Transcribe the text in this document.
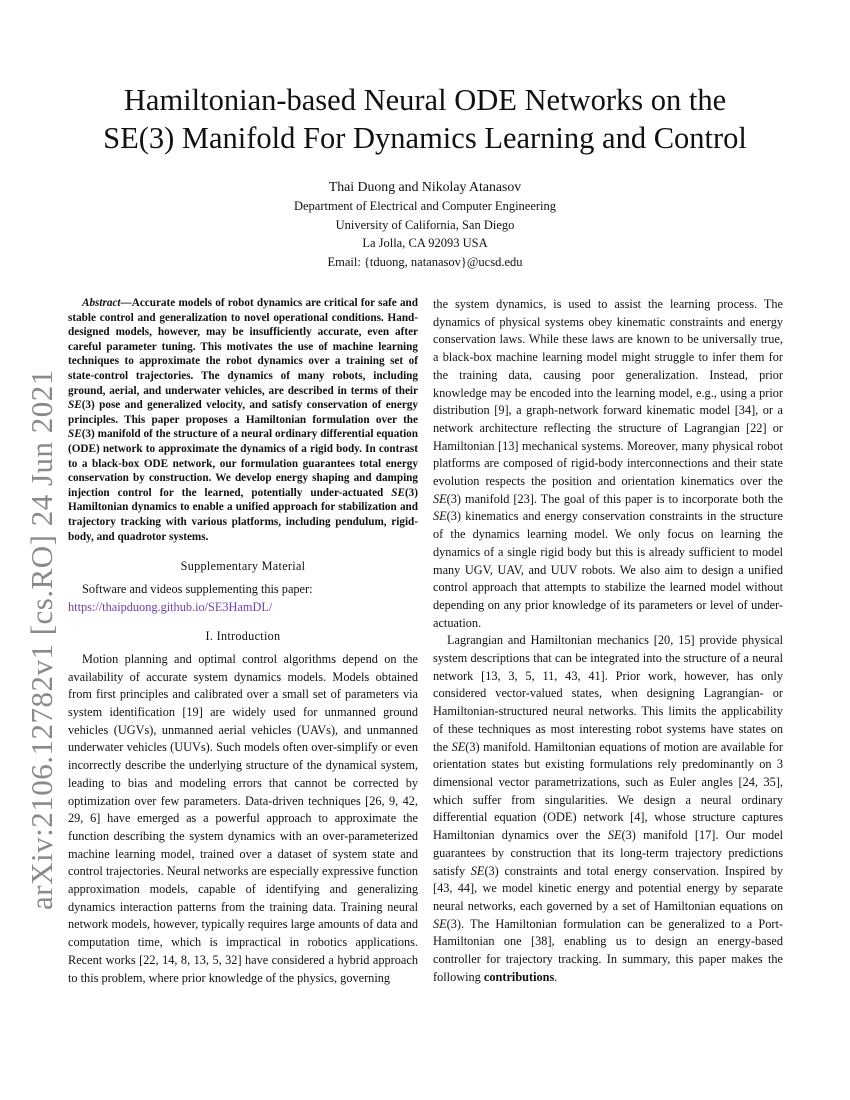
arXiv:2106.12782v1 [cs.RO] 24 Jun 2021
Hamiltonian-based Neural ODE Networks on the
SE(3) Manifold For Dynamics Learning and Control
Thai Duong and Nikolay Atanasov
Department of Electrical and Computer Engineering
University of California, San Diego
La Jolla, CA 92093 USA
Email: {tduong, natanasov}@ucsd.edu

Abstract—Accurate models of robot dynamics are critical for safe and stable control and generalization to novel operational conditions. Hand-designed models, however, may be insufficiently accurate, even after careful parameter tuning. This motivates the use of machine learning techniques to approximate the robot dynamics over a training set of state-control trajectories. The dynamics of many robots, including ground, aerial, and underwater vehicles, are described in terms of their SE(3) pose and generalized velocity, and satisfy conservation of energy principles. This paper proposes a Hamiltonian formulation over the SE(3) manifold of the structure of a neural ordinary differential equation (ODE) network to approximate the dynamics of a rigid body. In contrast to a black-box ODE network, our formulation guarantees total energy conservation by construction. We develop energy shaping and damping injection control for the learned, potentially under-actuated SE(3) Hamiltonian dynamics to enable a unified approach for stabilization and trajectory tracking with various platforms, including pendulum, rigid-body, and quadrotor systems.

Supplementary Material

Software and videos supplementing this paper:

https://thaipduong.github.io/SE3HamDL/

I. Introduction

Motion planning and optimal control algorithms depend on the availability of accurate system dynamics models. Models obtained from first principles and calibrated over a small set of parameters via system identification [19] are widely used for unmanned ground vehicles (UGVs), unmanned aerial vehicles (UAVs), and unmanned underwater vehicles (UUVs). Such models often over-simplify or even incorrectly describe the underlying structure of the dynamical system, leading to bias and modeling errors that cannot be corrected by optimization over few parameters. Data-driven techniques [26, 9, 42, 29, 6] have emerged as a powerful approach to approximate the function describing the system dynamics with an over-parameterized machine learning model, trained over a dataset of system state and control trajectories. Neural networks are especially expressive function approximation models, capable of identifying and generalizing dynamics interaction patterns from the training data. Training neural network models, however, typically requires large amounts of data and computation time, which is impractical in robotics applications. Recent works [22, 14, 8, 13, 5, 32] have considered a hybrid approach to this problem, where prior knowledge of the physics, governing

the system dynamics, is used to assist the learning process. The dynamics of physical systems obey kinematic constraints and energy conservation laws. While these laws are known to be universally true, a black-box machine learning model might struggle to infer them for the training data, causing poor generalization. Instead, prior knowledge may be encoded into the learning model, e.g., using a prior distribution [9], a graph-network forward kinematic model [34], or a network architecture reflecting the structure of Lagrangian [22] or Hamiltonian [13] mechanical systems. Moreover, many physical robot platforms are composed of rigid-body interconnections and their state evolution respects the position and orientation kinematics over the SE(3) manifold [23]. The goal of this paper is to incorporate both the SE(3) kinematics and energy conservation constraints in the structure of the dynamics learning model. We only focus on learning the dynamics of a single rigid body but this is already sufficient to model many UGV, UAV, and UUV robots. We also aim to design a unified control approach that attempts to stabilize the learned model without depending on any prior knowledge of its parameters or level of under-actuation.

Lagrangian and Hamiltonian mechanics [20, 15] provide physical system descriptions that can be integrated into the structure of a neural network [13, 3, 5, 11, 43, 41]. Prior work, however, has only considered vector-valued states, when designing Lagrangian- or Hamiltonian-structured neural networks. This limits the applicability of these techniques as most interesting robot systems have states on the SE(3) manifold. Hamiltonian equations of motion are available for orientation states but existing formulations rely predominantly on 3 dimensional vector parametrizations, such as Euler angles [24, 35], which suffer from singularities. We design a neural ordinary differential equation (ODE) network [4], whose structure captures Hamiltonian dynamics over the SE(3) manifold [17]. Our model guarantees by construction that its long-term trajectory predictions satisfy SE(3) constraints and total energy conservation. Inspired by [43, 44], we model kinetic energy and potential energy by separate neural networks, each governed by a set of Hamiltonian equations on SE(3). The Hamiltonian formulation can be generalized to a Port-Hamiltonian one [38], enabling us to design an energy-based controller for trajectory tracking. In summary, this paper makes the following contributions.
